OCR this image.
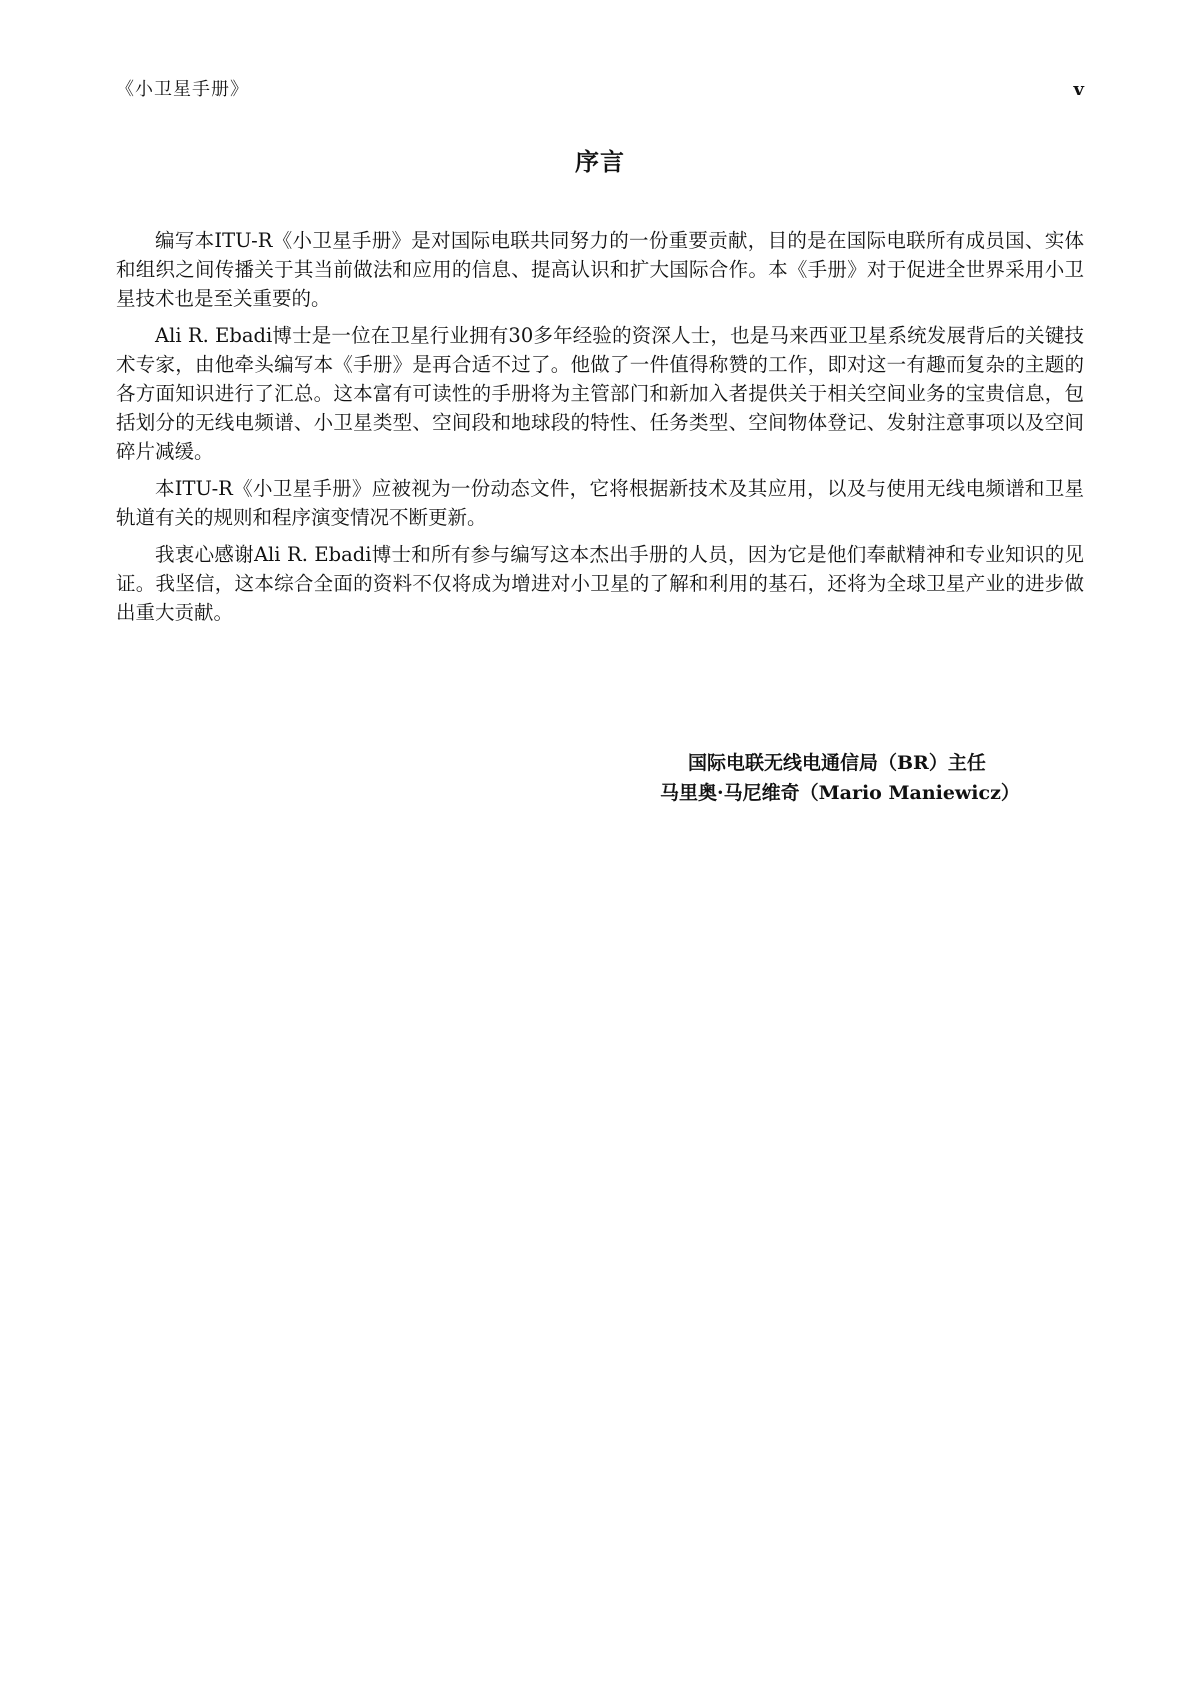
《小卫星手册》	v
序言

编写本ITU-R《小卫星手册》是对国际电联共同努力的一份重要贡献，目的是在国际电联所有成员国、实体和组织之间传播关于其当前做法和应用的信息、提高认识和扩大国际合作。本《手册》对于促进全世界采用小卫星技术也是至关重要的。

Ali R. Ebadi博士是一位在卫星行业拥有30多年经验的资深人士，也是马来西亚卫星系统发展背后的关键技术专家，由他牵头编写本《手册》是再合适不过了。他做了一件值得称赞的工作，即对这一有趣而复杂的主题的各方面知识进行了汇总。这本富有可读性的手册将为主管部门和新加入者提供关于相关空间业务的宝贵信息，包括划分的无线电频谱、小卫星类型、空间段和地球段的特性、任务类型、空间物体登记、发射注意事项以及空间碎片减缓。

本ITU-R《小卫星手册》应被视为一份动态文件，它将根据新技术及其应用，以及与使用无线电频谱和卫星轨道有关的规则和程序演变情况不断更新。

我衷心感谢Ali R. Ebadi博士和所有参与编写这本杰出手册的人员，因为它是他们奉献精神和专业知识的见证。我坚信，这本综合全面的资料不仅将成为增进对小卫星的了解和利用的基石，还将为全球卫星产业的进步做出重大贡献。

国际电联无线电通信局（BR）主任
马里奥·马尼维奇（Mario Maniewicz）
